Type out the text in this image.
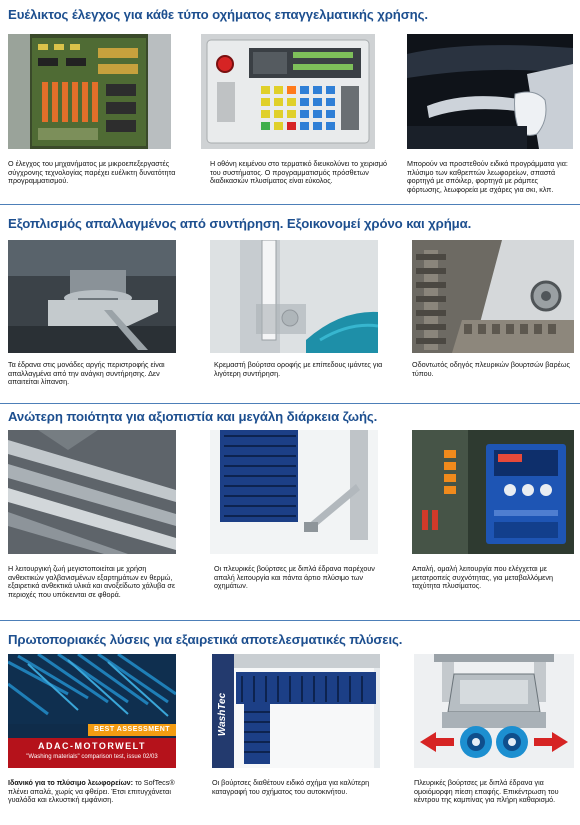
Ευέλικτος έλεγχος για κάθε τύπο οχήματος επαγγελματικής χρήσης.
Ο έλεγχος του μηχανήματος με μικροεπεξεργαστές σύγχρονης τεχνολογίας παρέχει ευέλικτη δυνατότητα προγραμματισμού.
Η οθόνη κειμένου στο τερματικό διευκολύνει το χειρισμό του συστήματος. Ο προγραμματισμός πρόσθετων διαδικασιών πλυσίματος είναι εύκολος.
Μπορούν να προστεθούν ειδικά προγράμματα για: πλύσιμο των καθρεπτών λεωφορείων, σπαστά φορτηγά με σπόιλερ, φορτηγά με ράμπες φόρτωσης, λεωφορεία με σχάρες για σκι, κλπ.
Εξοπλισμός απαλλαγμένος από συντήρηση. Εξοικονομεί χρόνο και χρήμα.
Τα έδρανα στις μονάδες αργής περιστροφής είναι απαλλαγμένα από την ανάγκη συντήρησης. Δεν απαιτείται λίπανση.
Κρεμαστή βούρτσα οροφής με επίπεδους ιμάντες για λιγότερη συντήρηση.
Οδοντωτός οδηγός πλευρικών βουρτσών βαρέως τύπου.
Ανώτερη ποιότητα για αξιοπιστία και μεγάλη διάρκεια ζωής.
Η λειτουργική ζωή μεγιστοποιείται με χρήση ανθεκτικών γαλβανισμένων εξαρτημάτων εν θερμώ, εξαιρετικά ανθεκτικά υλικά και ανοξείδωτο χάλυβα σε περιοχές που υπόκεινται σε φθορά.
Οι πλευρικές βούρτσες με διπλά έδρανα παρέχουν απαλή λειτουργία και πάντα άρτιο πλύσιμο των οχημάτων.
Απαλή, ομαλή λειτουργία που ελέγχεται με μετατροπείς συχνότητας, για μεταβαλλόμενη ταχύτητα πλυσίματος.
Πρωτοποριακές λύσεις για εξαιρετικά αποτελεσματικές πλύσεις.
BEST ASSESSMENT
ADAC-MOTORWELT
"Washing materials" comparison test, issue 02/03
WashTec
Ιδανικό για το πλύσιμο λεωφορείων: το SofTecs® πλένει απαλά, χωρίς να φθείρει. Έτσι επιτυγχάνεται γυαλάδα και ελκυστική εμφάνιση.
Οι βούρτσες διαθέτουν ειδικό σχήμα για καλύτερη καταγραφή του σχήματος του αυτοκινήτου.
Πλευρικές βούρτσες με διπλά έδρανα για ομοιόμορφη πίεση επαφής. Επικέντρωση του κέντρου της καμπίνας για πλήρη καθαρισμό.
